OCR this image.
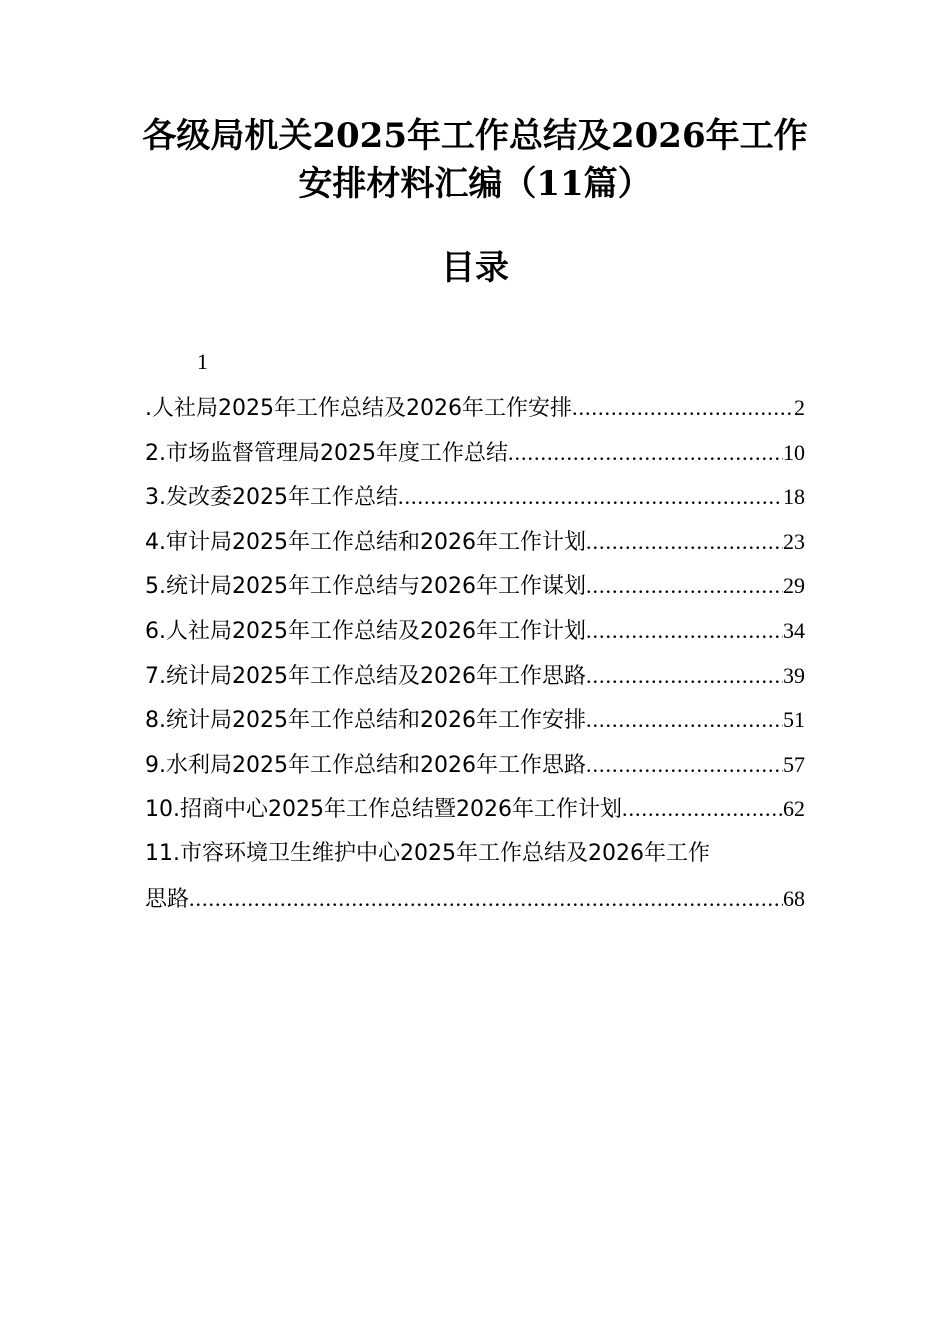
各级局机关2025年工作总结及2026年工作
安排材料汇编（11篇）
目录
1
.人社局2025年工作总结及2026年工作安排 .....	2
2.市场监督管理局2025年度工作总结 .....	10
3.发改委2025年工作总结 .....	18
4.审计局2025年工作总结和2026年工作计划 .....	23
5.统计局2025年工作总结与2026年工作谋划 .....	29
6.人社局2025年工作总结及2026年工作计划 .....	34
7.统计局2025年工作总结及2026年工作思路 .....	39
8.统计局2025年工作总结和2026年工作安排 .....	51
9.水利局2025年工作总结和2026年工作思路 .....	57
10.招商中心2025年工作总结暨2026年工作计划 .....	62
11.市容环境卫生维护中心2025年工作总结及2026年工作
思路 .....	68
